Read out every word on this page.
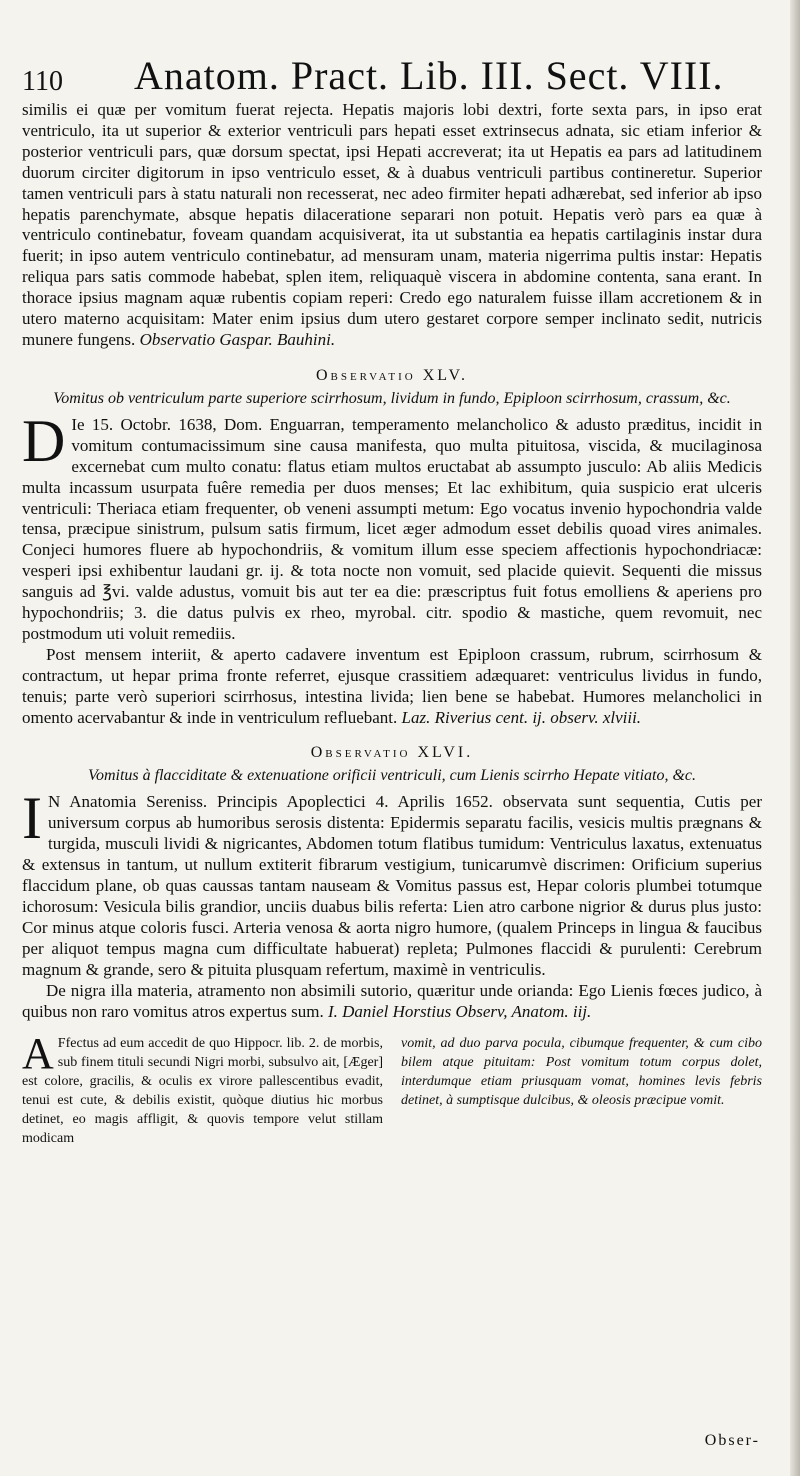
110 Anatom. Pract. Lib. III. Sect. VIII.

similis ei quæ per vomitum fuerat rejecta. Hepatis majoris lobi dextri, forte sexta pars, in ipso erat ventriculo, ita ut superior & exterior ventriculi pars hepati esset extrinsecus adnata, sic etiam inferior & posterior ventriculi pars, quæ dorsum spectat, ipsi Hepati accreverat; ita ut Hepatis ea pars ad latitudinem duorum circiter digitorum in ipso ventriculo esset, & à duabus ventriculi partibus contineretur. Superior tamen ventriculi pars à statu naturali non recesserat, nec adeo firmiter hepati adhærebat, sed inferior ab ipso hepatis parenchymate, absque hepatis dilaceratione separari non potuit. Hepatis verò pars ea quæ à ventriculo continebatur, foveam quandam acquisiverat, ita ut substantia ea hepatis cartilaginis instar dura fuerit; in ipso autem ventriculo continebatur, ad mensuram unam, materia nigerrima pultis instar: Hepatis reliqua pars satis commode habebat, splen item, reliquaquè viscera in abdomine contenta, sana erant. In thorace ipsius magnam aquæ rubentis copiam reperi: Credo ego naturalem fuisse illam accretionem & in utero materno acquisitam: Mater enim ipsius dum utero gestaret corpore semper inclinato sedit, nutricis munere fungens. Observatio Gaspar. Bauhini.

Observatio XLV.
Vomitus ob ventriculum parte superiore scirrhosum, lividum in fundo, Epiploon scirrhosum, crassum, &c.

D Ie 15. Octobr. 1638, Dom. Enguarran, temperamento melancholico & adusto præditus, incidit in vomitum contumacissimum sine causa manifesta, quo multa pituitosa, viscida, & mucilaginosa excernebat cum multo conatu: flatus etiam multos eructabat ab assumpto jusculo: Ab aliis Medicis multa incassum usurpata fuêre remedia per duos menses; Et lac exhibitum, quia suspicio erat ulceris ventriculi: Theriaca etiam frequenter, ob veneni assumpti metum: Ego vocatus invenio hypochondria valde tensa, præcipue sinistrum, pulsum satis firmum, licet æger admodum esset debilis quoad vires animales. Conjeci humores fluere ab hypochondriis, & vomitum illum esse speciem affectionis hypochondriacæ: vesperi ipsi exhibentur laudani gr. ij. & tota nocte non vomuit, sed placide quievit. Sequenti die missus sanguis ad ℥vi. valde adustus, vomuit bis aut ter ea die: præscriptus fuit fotus emolliens & aperiens pro hypochondriis; 3. die datus pulvis ex rheo, myrobal. citr. spodio & mastiche, quem revomuit, nec postmodum uti voluit remediis.

Post mensem interiit, & aperto cadavere inventum est Epiploon crassum, rubrum, scirrhosum & contractum, ut hepar prima fronte referret, ejusque crassitiem adæquaret: ventriculus lividus in fundo, tenuis; parte verò superiori scirrhosus, intestina livida; lien bene se habebat. Humores melancholici in omento acervabantur & inde in ventriculum refluebant. Laz. Riverius cent. ij. observ. xlviii.

Observatio XLVI.
Vomitus à flacciditate & extenuatione orificii ventriculi, cum Lienis scirrho Hepate vitiato, &c.

I N Anatomia Sereniss. Principis Apoplectici 4. Aprilis 1652. observata sunt sequentia, Cutis per universum corpus ab humoribus serosis distenta: Epidermis separatu facilis, vesicis multis prægnans & turgida, musculi lividi & nigricantes, Abdomen totum flatibus tumidum: Ventriculus laxatus, extenuatus & extensus in tantum, ut nullum extiterit fibrarum vestigium, tunicarumvè discrimen: Orificium superius flaccidum plane, ob quas caussas tantam nauseam & Vomitus passus est, Hepar coloris plumbei totumque ichorosum: Vesicula bilis grandior, unciis duabus bilis referta: Lien atro carbone nigrior & durus plus justo: Cor minus atque coloris fusci. Arteria venosa & aorta nigro humore, (qualem Princeps in lingua & faucibus per aliquot tempus magna cum difficultate habuerat) repleta; Pulmones flaccidi & purulenti: Cerebrum magnum & grande, sero & pituita plusquam refertum, maximè in ventriculis.

De nigra illa materia, atramento non absimili sutorio, quæritur unde orianda: Ego Lienis fœces judico, à quibus non raro vomitus atros expertus sum. I. Daniel Horstius Observ, Anatom. iij.

A Ffectus ad eum accedit de quo Hippocr. lib. 2. de morbis, sub finem tituli secundi Nigri morbi, subsulvo ait, [Æger] est colore, gracilis, & oculis ex virore pallescentibus evadit, tenui est cute, & debilis existit, quòque diutius hic morbus detinet, eo magis affligit, & quovis tempore velut stillam modicam
vomit, ad duo parva pocula, cibumque frequenter, & cum cibo bilem atque pituitam: Post vomitum totum corpus dolet, interdumque etiam priusquam vomat, homines levis febris detinet, à sumptisque dulcibus, & oleosis præcipue vomit.
Obser-
